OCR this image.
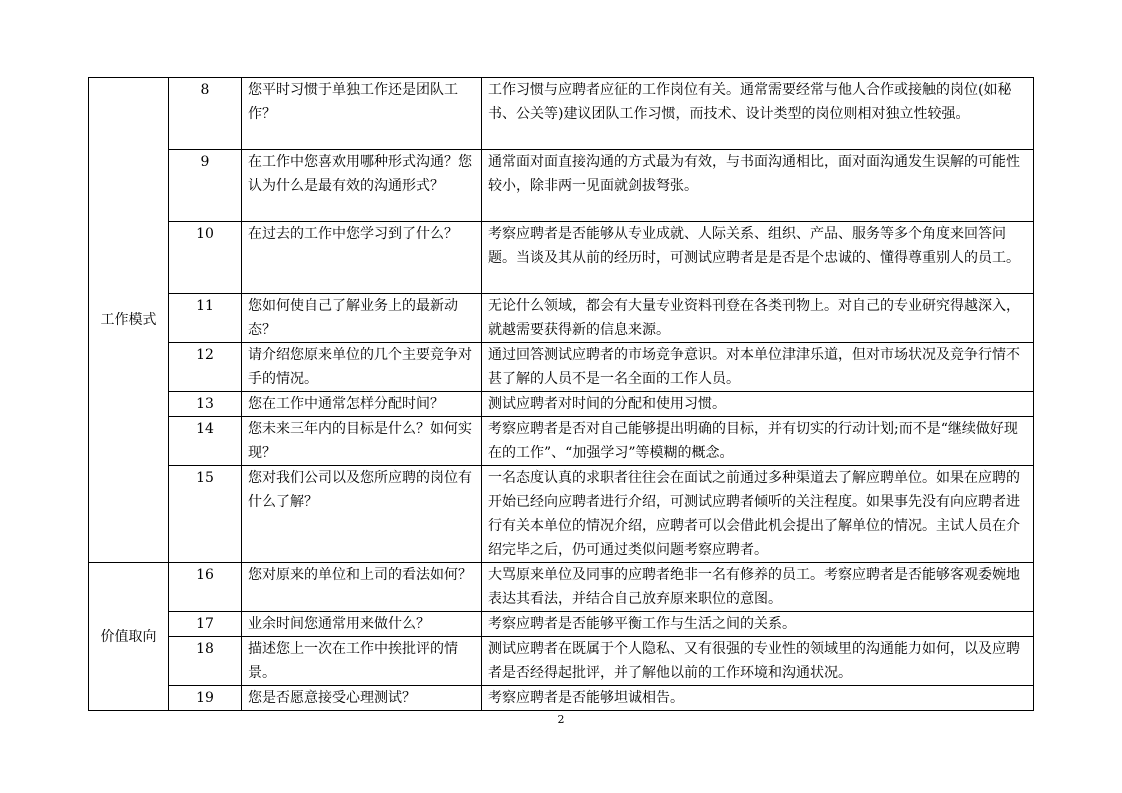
工作模式	8	您平时习惯于单独工作还是团队工作？	工作习惯与应聘者应征的工作岗位有关。通常需要经常与他人合作或接触的岗位(如秘书、公关等)建议团队工作习惯，而技术、设计类型的岗位则相对独立性较强。
	9	在工作中您喜欢用哪种形式沟通？您认为什么是最有效的沟通形式？	通常面对面直接沟通的方式最为有效，与书面沟通相比，面对面沟通发生误解的可能性较小，除非两一见面就剑拔弩张。
	10	在过去的工作中您学习到了什么？	考察应聘者是否能够从专业成就、人际关系、组织、产品、服务等多个角度来回答问题。当谈及其从前的经历时，可测试应聘者是是否是个忠诚的、懂得尊重别人的员工。
	11	您如何使自己了解业务上的最新动态？	无论什么领域，都会有大量专业资料刊登在各类刊物上。对自己的专业研究得越深入，就越需要获得新的信息来源。
	12	请介绍您原来单位的几个主要竞争对手的情况。	通过回答测试应聘者的市场竞争意识。对本单位津津乐道，但对市场状况及竞争行情不甚了解的人员不是一名全面的工作人员。
	13	您在工作中通常怎样分配时间？	测试应聘者对时间的分配和使用习惯。
	14	您未来三年内的目标是什么？如何实现？	考察应聘者是否对自己能够提出明确的目标，并有切实的行动计划;而不是“继续做好现在的工作”、“加强学习”等模糊的概念。
	15	您对我们公司以及您所应聘的岗位有什么了解？	一名态度认真的求职者往往会在面试之前通过多种渠道去了解应聘单位。如果在应聘的开始已经向应聘者进行介绍，可测试应聘者倾听的关注程度。如果事先没有向应聘者进行有关本单位的情况介绍，应聘者可以会借此机会提出了解单位的情况。主试人员在介绍完毕之后，仍可通过类似问题考察应聘者。
价值取向	16	您对原来的单位和上司的看法如何？	大骂原来单位及同事的应聘者绝非一名有修养的员工。考察应聘者是否能够客观委婉地表达其看法，并结合自己放弃原来职位的意图。
	17	业余时间您通常用来做什么？	考察应聘者是否能够平衡工作与生活之间的关系。
	18	描述您上一次在工作中挨批评的情景。	测试应聘者在既属于个人隐私、又有很强的专业性的领域里的沟通能力如何，以及应聘者是否经得起批评，并了解他以前的工作环境和沟通状况。
	19	您是否愿意接受心理测试？	考察应聘者是否能够坦诚相告。
2
